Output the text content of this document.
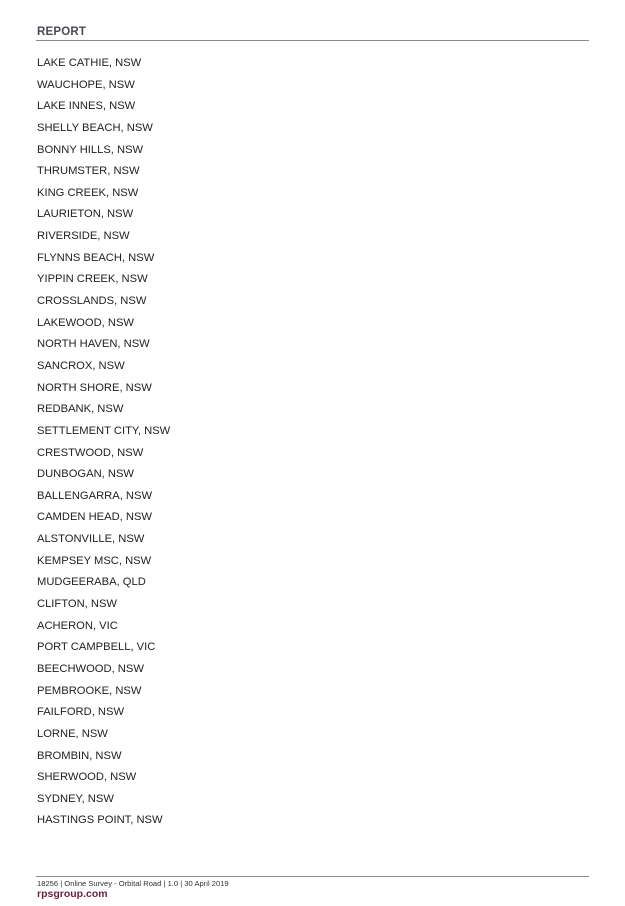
REPORT
LAKE CATHIE, NSW
WAUCHOPE, NSW
LAKE INNES, NSW
SHELLY BEACH, NSW
BONNY HILLS, NSW
THRUMSTER, NSW
KING CREEK, NSW
LAURIETON, NSW
RIVERSIDE, NSW
FLYNNS BEACH, NSW
YIPPIN CREEK, NSW
CROSSLANDS, NSW
LAKEWOOD, NSW
NORTH HAVEN, NSW
SANCROX, NSW
NORTH SHORE, NSW
REDBANK, NSW
SETTLEMENT CITY, NSW
CRESTWOOD, NSW
DUNBOGAN, NSW
BALLENGARRA, NSW
CAMDEN HEAD, NSW
ALSTONVILLE, NSW
KEMPSEY MSC, NSW
MUDGEERABA, QLD
CLIFTON, NSW
ACHERON, VIC
PORT CAMPBELL, VIC
BEECHWOOD, NSW
PEMBROOKE, NSW
FAILFORD, NSW
LORNE, NSW
BROMBIN, NSW
SHERWOOD, NSW
SYDNEY, NSW
HASTINGS POINT, NSW
18256 | Online Survey - Orbital Road | 1.0 | 30 April 2019
rpsgroup.com
